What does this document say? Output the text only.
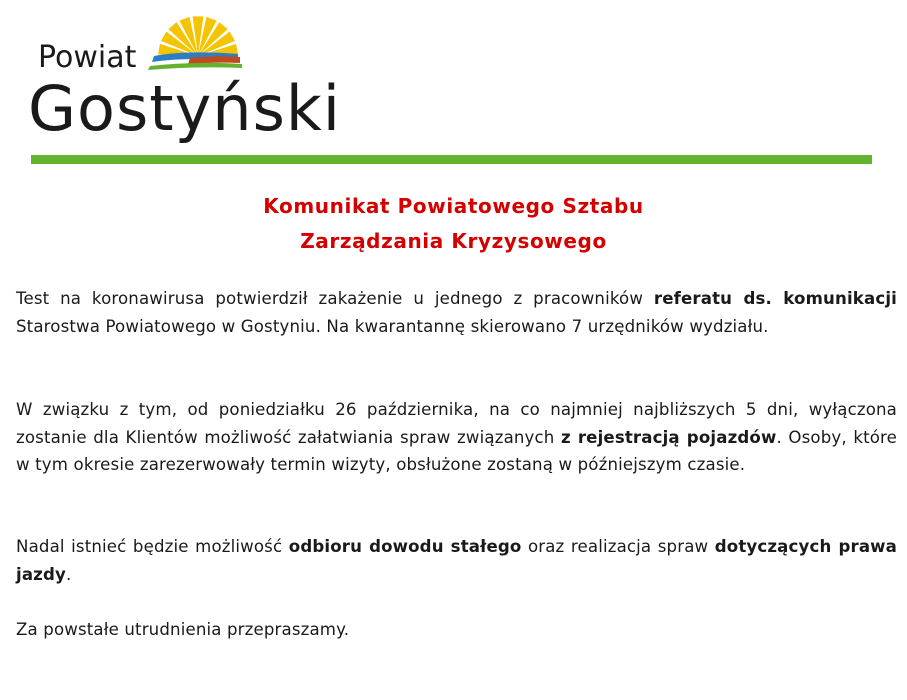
Powiat
Gostyński
Komunikat Powiatowego Sztabu
Zarządzania Kryzysowego
Test na koronawirusa potwierdził zakażenie u jednego z pracowników referatu ds. komunikacji Starostwa Powiatowego w Gostyniu. Na kwarantannę skierowano 7 urzędników wydziału.
W związku z tym, od poniedziałku 26 października, na co najmniej najbliższych 5 dni, wyłączona zostanie dla Klientów możliwość załatwiania spraw związanych z rejestracją pojazdów. Osoby, które w tym okresie zarezerwowały termin wizyty, obsłużone zostaną w późniejszym czasie.
Nadal istnieć będzie możliwość odbioru dowodu stałego oraz realizacja spraw dotyczących prawa jazdy.
Za powstałe utrudnienia przepraszamy.
